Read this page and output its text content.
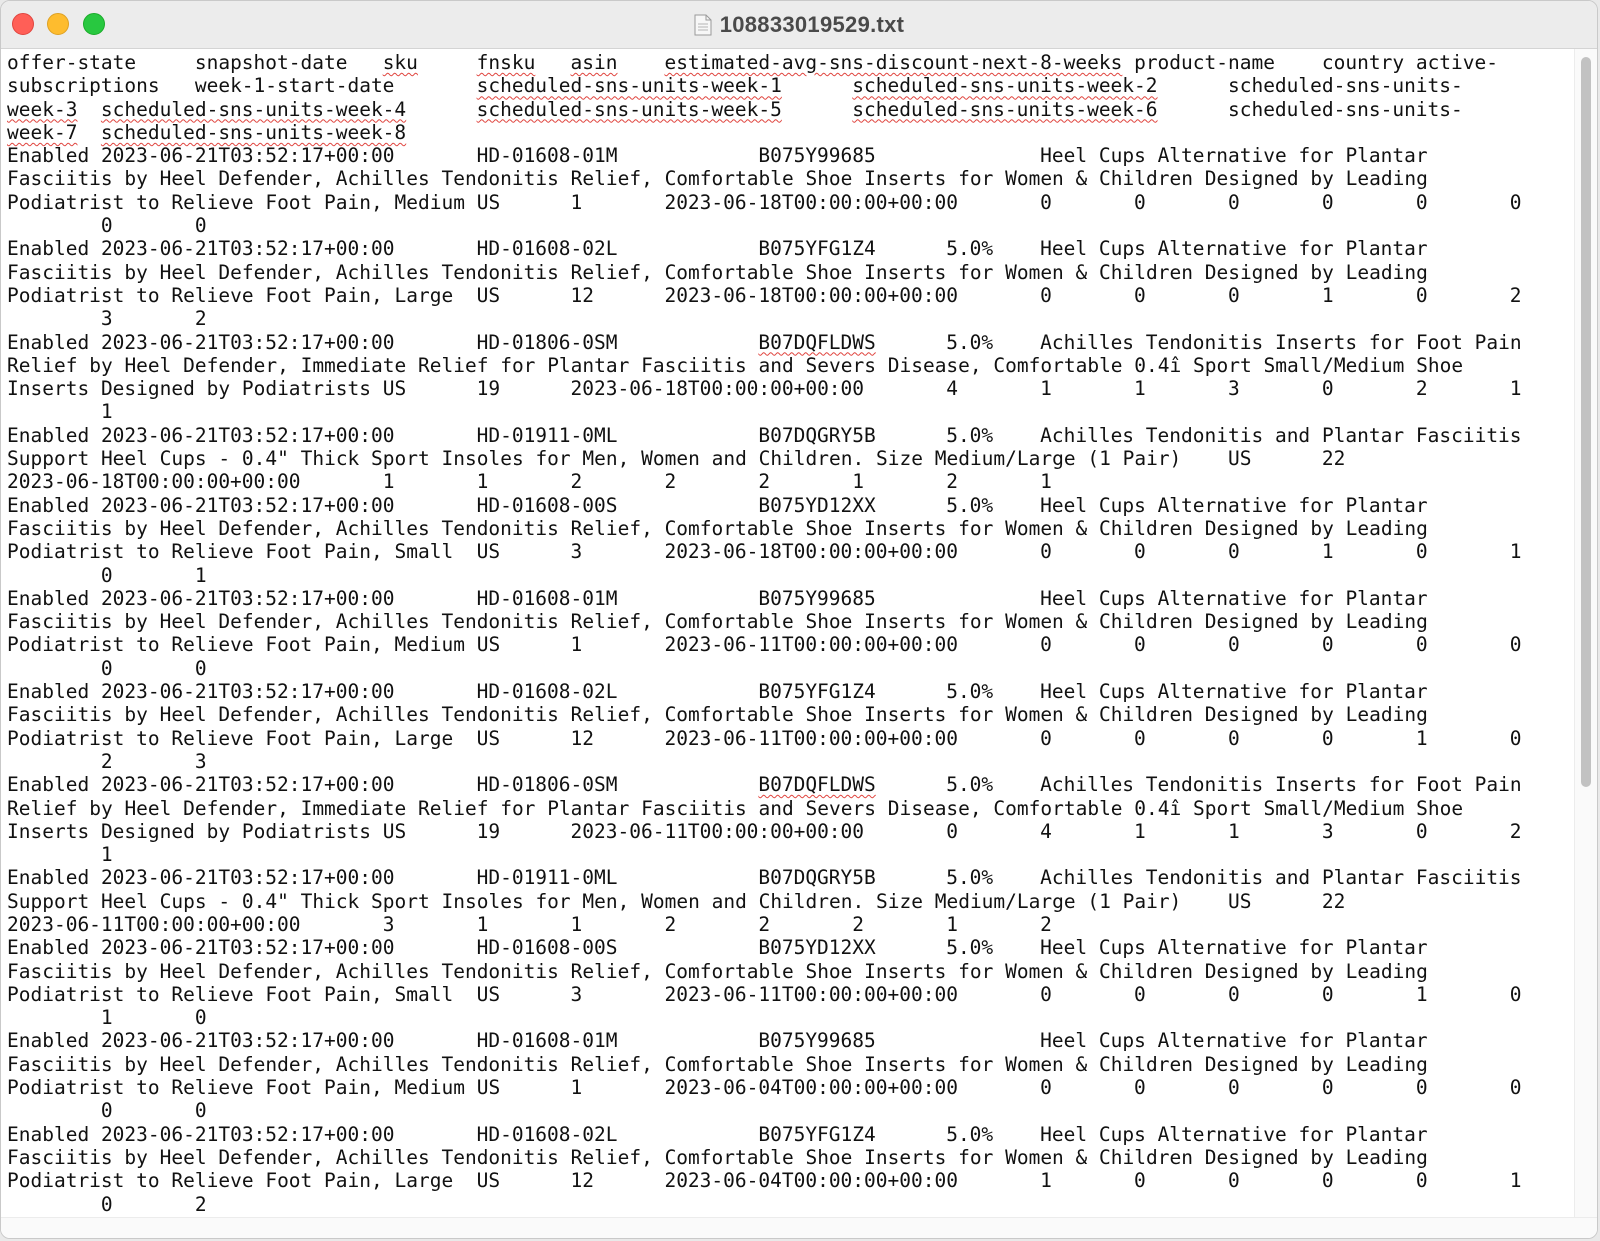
108833019529.txt
offer-state		snapshot-date	sku		fnsku	asin	estimated-avg-sns-discount-next-8-weeks product-name	country active-
subscriptions	week-1-start-date		scheduled-sns-units-week-1		scheduled-sns-units-week-2		scheduled-sns-units-
week-3	scheduled-sns-units-week-4		scheduled-sns-units-week-5		scheduled-sns-units-week-6		scheduled-sns-units-
week-7	scheduled-sns-units-week-8
Enabled 2023-06-21T03:52:17+00:00		HD-01608-01M			B075Y99685			Heel Cups Alternative for Plantar
Fasciitis by Heel Defender, Achilles Tendonitis Relief, Comfortable Shoe Inserts for Women & Children Designed by Leading
Podiatrist to Relieve Foot Pain, Medium US		1		2023-06-18T00:00:00+00:00		0		0		0		0		0		0
	0		0
Enabled 2023-06-21T03:52:17+00:00		HD-01608-02L			B075YFG1Z4		5.0%	Heel Cups Alternative for Plantar
Fasciitis by Heel Defender, Achilles Tendonitis Relief, Comfortable Shoe Inserts for Women & Children Designed by Leading
Podiatrist to Relieve Foot Pain, Large	US		12		2023-06-18T00:00:00+00:00		0		0		0		1		0		2
	3		2
Enabled 2023-06-21T03:52:17+00:00		HD-01806-0SM			B07DQFLDWS		5.0%	Achilles Tendonitis Inserts for Foot Pain
Relief by Heel Defender, Immediate Relief for Plantar Fasciitis and Severs Disease, Comfortable 0.4î Sport Small/Medium Shoe
Inserts Designed by Podiatrists US		19		2023-06-18T00:00:00+00:00		4		1		1		3		0		2		1
	1
Enabled 2023-06-21T03:52:17+00:00		HD-01911-0ML			B07DQGRY5B		5.0%	Achilles Tendonitis and Plantar Fasciitis
Support Heel Cups - 0.4" Thick Sport Insoles for Men, Women and Children. Size Medium/Large (1 Pair)	US		22
2023-06-18T00:00:00+00:00		1		1		2		2		2		1		2		1
Enabled 2023-06-21T03:52:17+00:00		HD-01608-00S			B075YD12XX		5.0%	Heel Cups Alternative for Plantar
Fasciitis by Heel Defender, Achilles Tendonitis Relief, Comfortable Shoe Inserts for Women & Children Designed by Leading
Podiatrist to Relieve Foot Pain, Small	US		3		2023-06-18T00:00:00+00:00		0		0		0		1		0		1
	0		1
Enabled 2023-06-21T03:52:17+00:00		HD-01608-01M			B075Y99685			Heel Cups Alternative for Plantar
Fasciitis by Heel Defender, Achilles Tendonitis Relief, Comfortable Shoe Inserts for Women & Children Designed by Leading
Podiatrist to Relieve Foot Pain, Medium US		1		2023-06-11T00:00:00+00:00		0		0		0		0		0		0
	0		0
Enabled 2023-06-21T03:52:17+00:00		HD-01608-02L			B075YFG1Z4		5.0%	Heel Cups Alternative for Plantar
Fasciitis by Heel Defender, Achilles Tendonitis Relief, Comfortable Shoe Inserts for Women & Children Designed by Leading
Podiatrist to Relieve Foot Pain, Large	US		12		2023-06-11T00:00:00+00:00		0		0		0		0		1		0
	2		3
Enabled 2023-06-21T03:52:17+00:00		HD-01806-0SM			B07DQFLDWS		5.0%	Achilles Tendonitis Inserts for Foot Pain
Relief by Heel Defender, Immediate Relief for Plantar Fasciitis and Severs Disease, Comfortable 0.4î Sport Small/Medium Shoe
Inserts Designed by Podiatrists US		19		2023-06-11T00:00:00+00:00		0		4		1		1		3		0		2
	1
Enabled 2023-06-21T03:52:17+00:00		HD-01911-0ML			B07DQGRY5B		5.0%	Achilles Tendonitis and Plantar Fasciitis
Support Heel Cups - 0.4" Thick Sport Insoles for Men, Women and Children. Size Medium/Large (1 Pair)	US		22
2023-06-11T00:00:00+00:00		3		1		1		2		2		2		1		2
Enabled 2023-06-21T03:52:17+00:00		HD-01608-00S			B075YD12XX		5.0%	Heel Cups Alternative for Plantar
Fasciitis by Heel Defender, Achilles Tendonitis Relief, Comfortable Shoe Inserts for Women & Children Designed by Leading
Podiatrist to Relieve Foot Pain, Small	US		3		2023-06-11T00:00:00+00:00		0		0		0		0		1		0
	1		0
Enabled 2023-06-21T03:52:17+00:00		HD-01608-01M			B075Y99685			Heel Cups Alternative for Plantar
Fasciitis by Heel Defender, Achilles Tendonitis Relief, Comfortable Shoe Inserts for Women & Children Designed by Leading
Podiatrist to Relieve Foot Pain, Medium US		1		2023-06-04T00:00:00+00:00		0		0		0		0		0		0
	0		0
Enabled 2023-06-21T03:52:17+00:00		HD-01608-02L			B075YFG1Z4		5.0%	Heel Cups Alternative for Plantar
Fasciitis by Heel Defender, Achilles Tendonitis Relief, Comfortable Shoe Inserts for Women & Children Designed by Leading
Podiatrist to Relieve Foot Pain, Large	US		12		2023-06-04T00:00:00+00:00		1		0		0		0		0		1
	0		2
